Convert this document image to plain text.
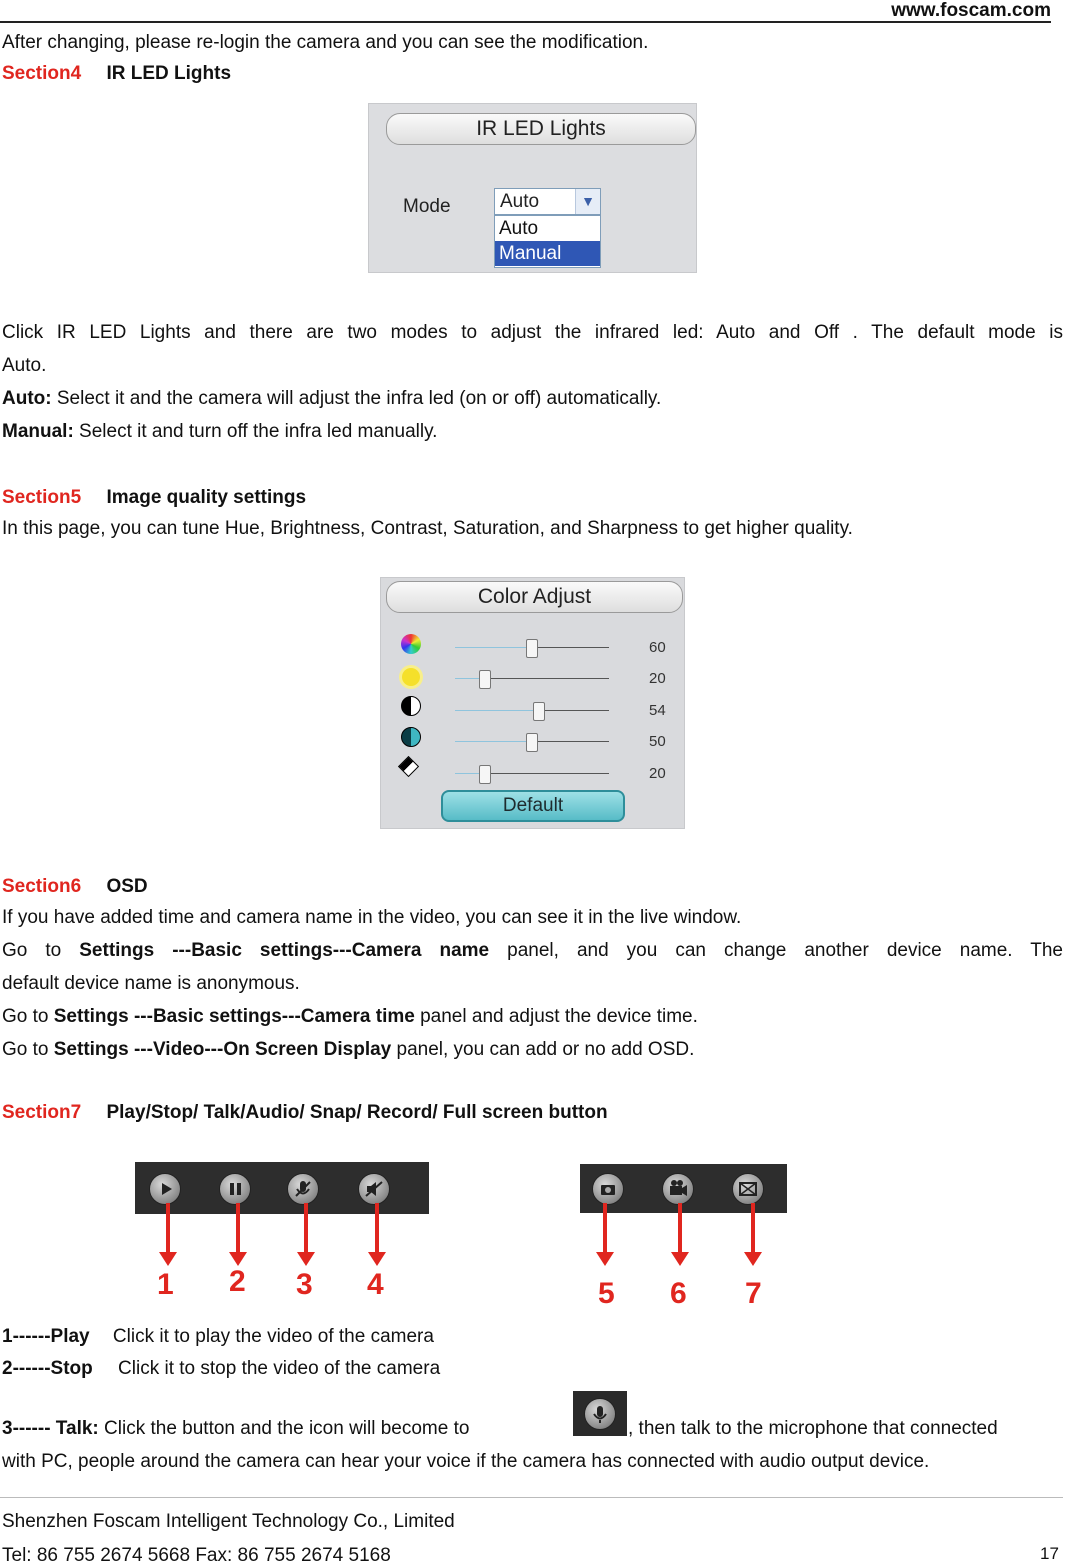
www.foscam.com
After changing, please re-login the camera and you can see the modification.
Section4 IR LED Lights
IR LED Lights
Mode	Auto	▼
Auto
Manual
Click IR LED Lights and there are two modes to adjust the infrared led: Auto and Off . The default mode is
Auto.
Auto: Select it and the camera will adjust the infra led (on or off) automatically.
Manual: Select it and turn off the infra led manually.
Section5 Image quality settings
In this page, you can tune Hue, Brightness, Contrast, Saturation, and Sharpness to get higher quality.
Color Adjust
60
20
54
50
20
Default
Section6 OSD
If you have added time and camera name in the video, you can see it in the live window.
Go to Settings ---Basic settings---Camera name panel, and you can change another device name. The
default device name is anonymous.
Go to Settings ---Basic settings---Camera time panel and adjust the device time.
Go to Settings ---Video---On Screen Display panel, you can add or no add OSD.
Section7 Play/Stop/ Talk/Audio/ Snap/ Record/ Full screen button
1 2 3 4	5 6 7
1------Play Click it to play the video of the camera
2------Stop Click it to stop the video of the camera
3------ Talk: Click the button and the icon will become to	, then talk to the microphone that connected
with PC, people around the camera can hear your voice if the camera has connected with audio output device.
Shenzhen Foscam Intelligent Technology Co., Limited
Tel: 86 755 2674 5668 Fax: 86 755 2674 5168	17
